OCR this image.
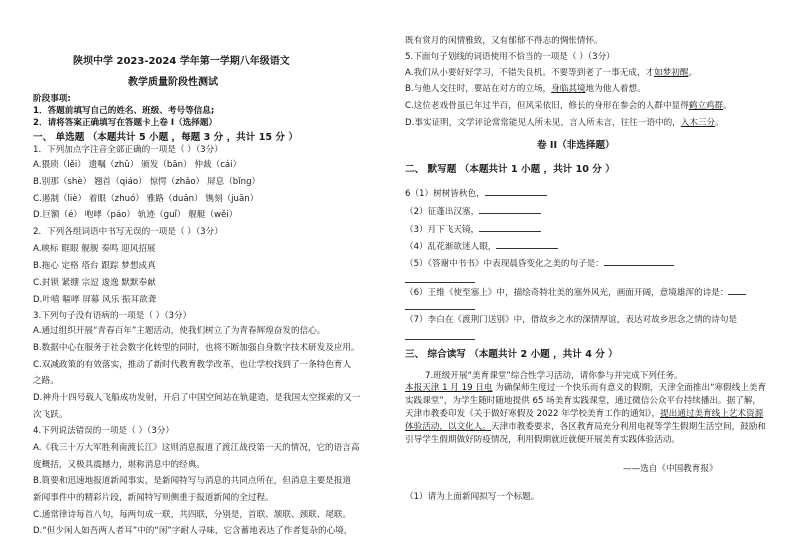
陕坝中学 2023-2024 学年第一学期八年级语文
教学质量阶段性测试
阶段事项:
1．答题前填写自己的姓名、班级、考号等信息;
2．请将答案正确填写在答题卡上卷 I（选择题）
一、 单选题 （本题共计 5 小题 ，每题 3 分 ，共计 15 分 ）
1．下列加点字注音全部正确的一项是（ ）（3分）
A.猥琐（lěi） 遗嘱（zhǔ） 颁发（bān） 仲裁（cái）
B.别那（shè） 翘首（qiáo） 惊愕（zhǎo） 屏息（bǐng）
C.遏制（liè） 着眼（zhuó） 雅路（duǎn） 镌刻（juān）
D.巨额（é） 咆哮（páo） 轨迹（guǐ） 舰艇（wěi）
2．下列各组词语中书写无误的一项是（ ）（3分）
A.映标 眶眼 舰舰 奏鸣 迎风招展
B.拖心 定格 塔台 跟踪 梦想成真
C.封锁 紧绷 宗逗 逡逸 默默奉献
D.叶嘻 嘔哮 屏幕 风乐 振耳欲聋
3.下列句子没有语病的一项是（ ）（3分）
A.通过组织开展“青春百年”主题活动，使我们树立了为青春辉煌奋发的信心。
B.数据中心在服务于社会数字化转型的同时，也将不断加强自身数字技术研发及应用。
C.双减政策的有效落实，推动了新时代教育教学改革，也让学校找到了一条特色育人
之路。
D.神舟十四号载人飞船成功发射，开启了中国空间站在轨建造，是我国太空探索的又一
次飞跃。
4.下列说法错误的一项是（ ）（3分）
A.《我三十万大军胜利南渡长江》这则消息报道了渡江战役第一天的情况，它的语言高
度概括，又极具震撼力，堪称消息中的经典。
B.简要和迅速地报道新闻事实，是新闻特写与消息的共同点所在，但消息主要是报道
新闻事件中的精彩片段，新闻特写则侧重于报道新闻的全过程。
C.通常律诗每首八句，每两句成一联，共四联，分别是，首联、颔联、颈联、尾联。
D.“但少闲人如吾两人者耳”中的“闲”字耐人寻味，它含蓄地表达了作者复杂的心境，
既有赏月的闲情雅致，又有郁郁不得志的惆怅情怀。
5.下面句子划线的词语使用不恰当的一项是（ ）（3分）
A.我们从小要好好学习，不错失良机。不要等到老了一事无成，才如梦初醒。
B.与他人交往时，要站在对方的立场，身临其境地为他人着想。
C.这位老戏骨虽已年过半百，但风采依旧，修长的身形在参会的人群中显得鹤立鸡群。
D.事实证明，文学评论常常能见人所未见，言人所未言，往往一语中的，入木三分。
卷 II（非选择题）
二、 默写题 （本题共计 1 小题 ，共计 10 分 ）
6（1）树树皆秋色，
（2）征蓬出汉塞，
（3）月下飞天镜，
（4）乱花渐欲迷人眼，
（5）《答谢中书书》中表现晨昏变化之美的句子是：
（6）王维《使至塞上》中，描绘奇特壮美的塞外风光，画面开阔，意境雄浑的诗是：
（7）李白在《渡荆门送别》中，借故乡之水的深情厚谊，表达对故乡思念之情的诗句是
三、 综合读写 （本题共计 2 小题 ，共计 4 分 ）
7.班级开展“美育课堂”综合性学习活动，请你参与并完成下列任务。
本报天津 1 月 19 日电 为确保师生度过一个快乐而有意义的假期，天津全面推出“寒假线上美育实践课堂”，为学生随时随地提供 65 场美育实践课堂，通过微信公众平台持续播出。据了解，天津市教委印发《关于做好寒假及 2022 年学校美育工作的通知》，提出通过美育线上艺术资源体验活动，以文化人。天津市教委要求，各区教育局充分利用电视等学生假期生活空间，鼓励和引导学生假期做好防疫情况，利用假期就近就便开展美育实践体验活动。
——选自《中国教育报》
（1）请为上面新闻拟写一个标题。
